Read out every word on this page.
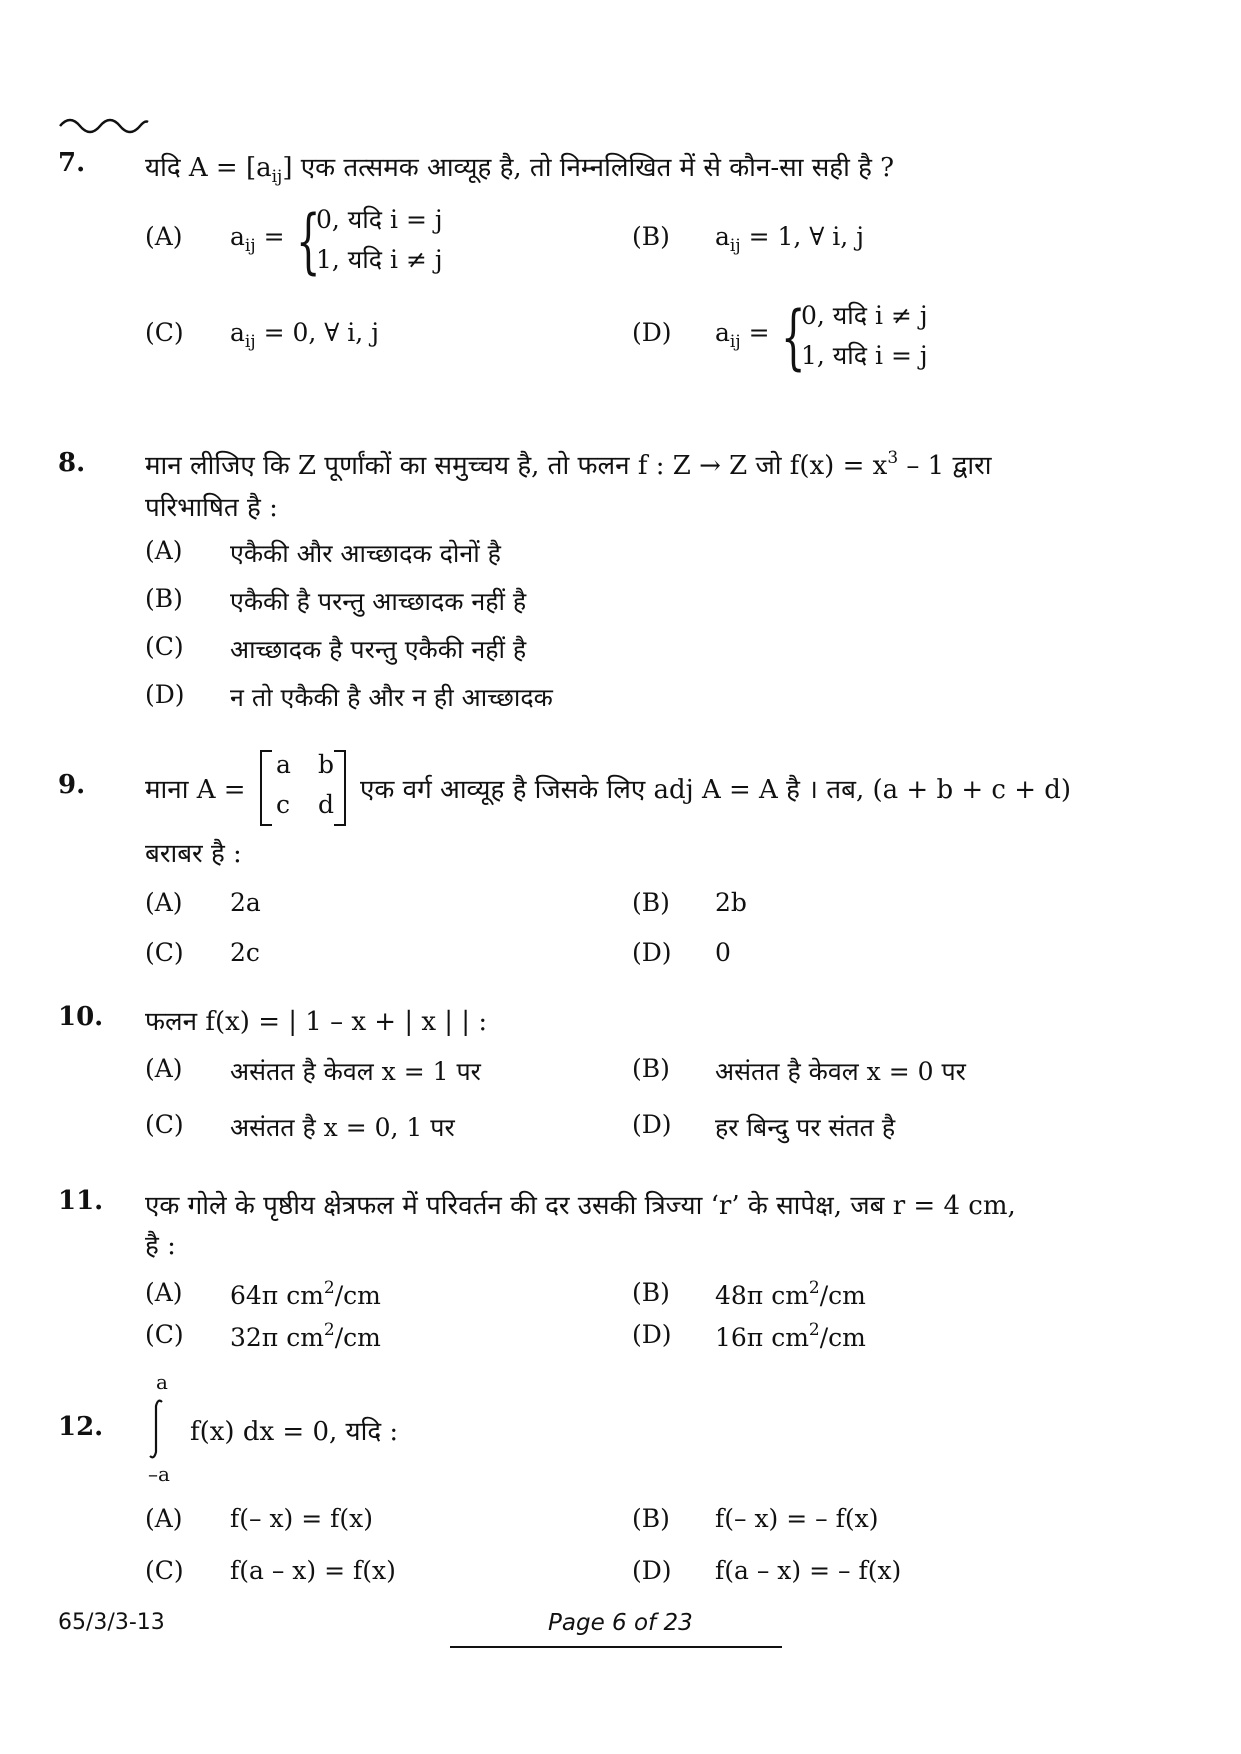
7. यदि $A = [a_{ij}]$ एक तत्समक आव्यूह है, तो निम्नलिखित में से कौन-सा सही है ?
(A) $a_{ij}$ = {
0, यदि i = j
1, यदि i ≠ j
(B) $a_{ij} = 1$, ∀ i, j
(C) $a_{ij} = 0$, ∀ i, j	(D) $a_{ij}$ = {
0, यदि i ≠ j
1, यदि i = j
8. मान लीजिए कि Z पूर्णांकों का समुच्चय है, तो फलन f : Z → Z जो $f(x) = x^3 - 1$ द्वारा
परिभाषित है :
(A) एकैकी और आच्छादक दोनों है
(B) एकैकी है परन्तु आच्छादक नहीं है
(C) आच्छादक है परन्तु एकैकी नहीं है
(D) न तो एकैकी है और न ही आच्छादक
9. माना A =
a b
c d एक वर्ग आव्यूह है जिसके लिए adj A = A है । तब, (a + b + c + d)
बराबर है :
(A) 2a	(B) 2b
(C) 2c	(D) 0
10. फलन f(x) = | 1 – x + | x | | :
(A) असंतत है केवल x = 1 पर	(B) असंतत है केवल x = 0 पर
(C) असंतत है x = 0, 1 पर	(D) हर बिन्दु पर संतत है
11. एक गोले के पृष्ठीय क्षेत्रफल में परिवर्तन की दर उसकी त्रिज्या ‘r’ के सापेक्ष, जब r = 4 cm,
है :
(A) 64π $cm^2/cm$	(B) 48π $cm^2/cm$
(C) 32π $cm^2/cm$	(D) 16π $cm^2/cm$
12.
a
–a
f(x) dx = 0, यदि :
(A) f(– x) = f(x)	(B) f(– x) = – f(x)
(C) f(a – x) = f(x)	(D) f(a – x) = – f(x)
65/3/3-13	Page 6 of 23
